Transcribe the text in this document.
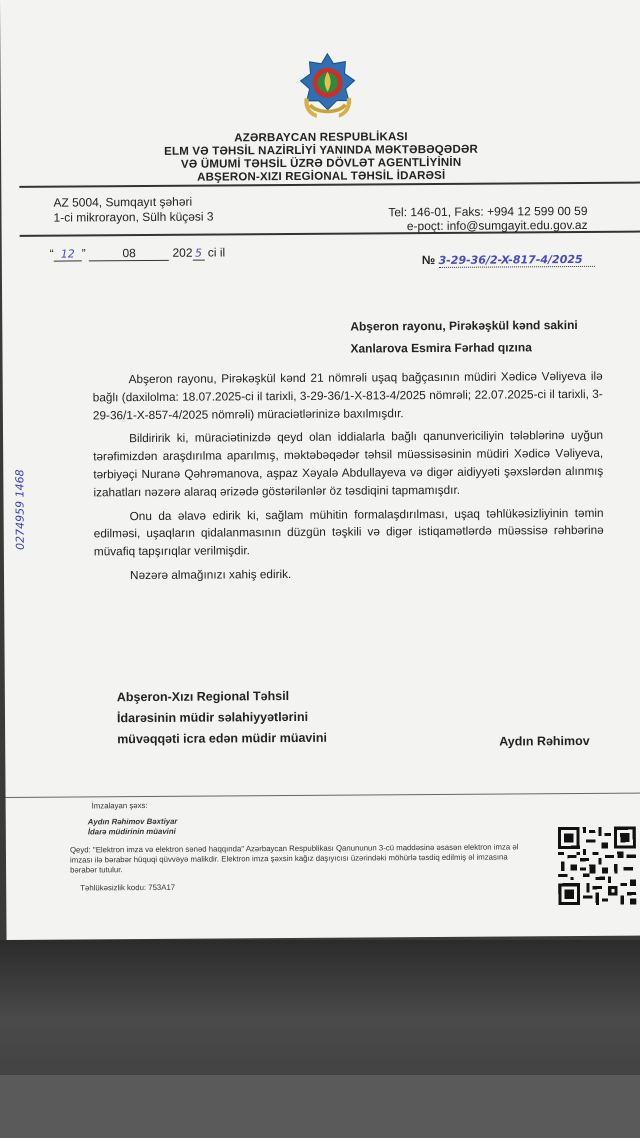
AZƏRBAYCAN RESPUBLİKASI
ELM VƏ TƏHSİL NAZİRLİYİ YANINDA MƏKTƏBƏQƏDƏR
VƏ ÜMUMİ TƏHSİL ÜZRƏ DÖVLƏT AGENTLİYİNİN
ABŞERON-XIZI REGİONAL TƏHSİL İDARƏSİ
AZ 5004, Sumqayıt şəhəri
1-ci mikrorayon, Sülh küçəsi 3	Tel: 146-01, Faks: +994 12 599 00 59
e-poçt: info@sumgayit.edu.gov.az
“ 12 ”	08	202 5 ci il
№ 3-29-36/2-X-817-4/2025
Abşeron rayonu, Pirəkəşkül kənd sakini
Xanlarova Esmira Fərhad qızına
0274959 1468

Abşeron rayonu, Pirəkəşkül kənd 21 nömrəli uşaq bağçasının müdiri Xədicə Vəliyeva ilə bağlı (daxilolma: 18.07.2025-ci il tarixli, 3-29-36/1-X-813-4/2025 nömrəli; 22.07.2025-ci il tarixli, 3-29-36/1-X-857-4/2025 nömrəli) müraciətlərinizə baxılmışdır.

Bildiririk ki, müraciətinizdə qeyd olan iddialarla bağlı qanunvericiliyin tələblərinə uyğun tərəfimizdən araşdırılma aparılmış, məktəbəqədər təhsil müəssisəsinin müdiri Xədicə Vəliyeva, tərbiyəçi Nuranə Qəhrəmanova, aşpaz Xəyalə Abdullayeva və digər aidiyyəti şəxslərdən alınmış izahatları nəzərə alaraq ərizədə göstərilənlər öz təsdiqini tapmamışdır.

Onu da əlavə edirik ki, sağlam mühitin formalaşdırılması, uşaq təhlükəsizliyinin təmin edilməsi, uşaqların qidalanmasının düzgün təşkili və digər istiqamətlərdə müəssisə rəhbərinə müvafiq tapşırıqlar verilmişdir.

Nəzərə almağınızı xahiş edirik.

Abşeron-Xızı Regional Təhsil
İdarəsinin müdir səlahiyyətlərini
müvəqqəti icra edən müdir müavini	Aydın Rəhimov
İmzalayan şəxs:
Aydın Rəhimov Bəxtiyar
İdarə müdirinin müavini
Qeyd: "Elektron imza və elektron sənəd haqqında" Azərbaycan Respublikası Qanununun 3-cü maddəsinə əsasən elektron imza əl imzası ilə bərabər hüquqi qüvvəyə malikdir. Elektron imza şəxsin kağız daşıyıcısı üzərindəki möhürlə təsdiq edilmiş əl imzasına bərabər tutulur.
Təhlükəsizlik kodu: 753A17
